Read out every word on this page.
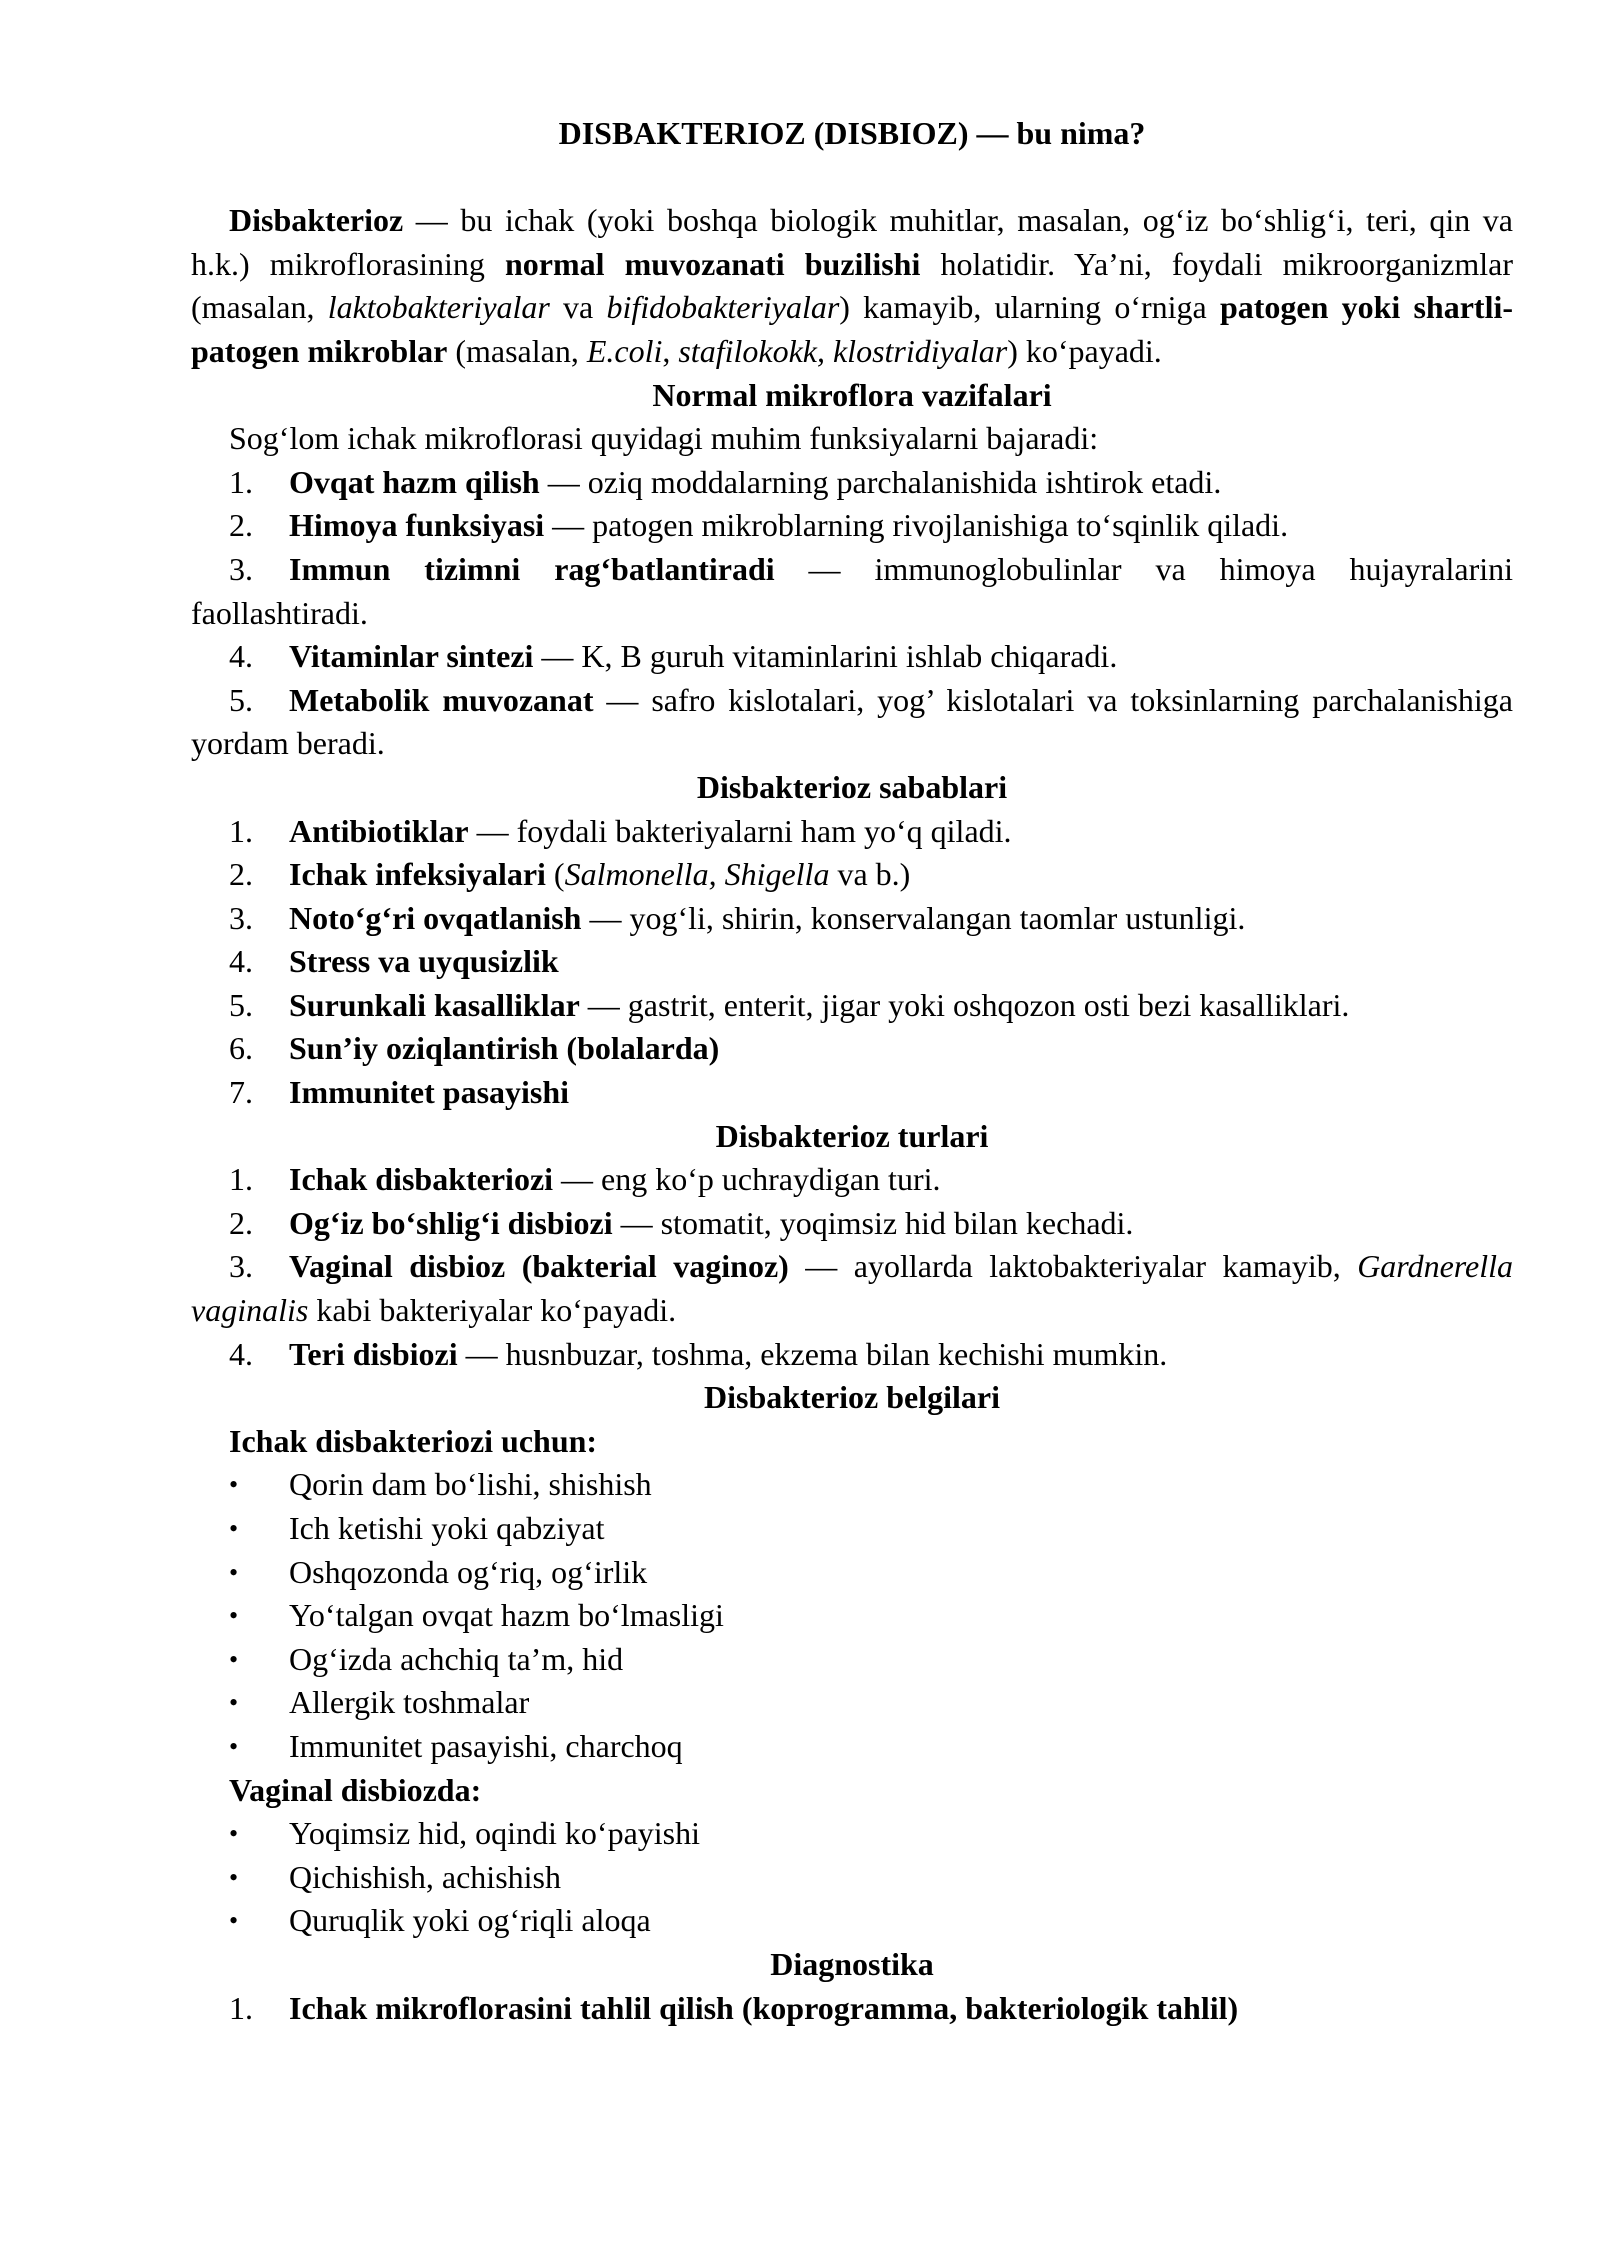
DISBAKTERIOZ (DISBIOZ) — bu nima?

Disbakterioz — bu ichak (yoki boshqa biologik muhitlar, masalan, og‘iz bo‘shlig‘i, teri, qin va h.k.) mikroflorasining normal muvozanati buzilishi holatidir. Ya’ni, foydali mikroorganizmlar (masalan, laktobakteriyalar va bifidobakteriyalar) kamayib, ularning o‘rniga patogen yoki shartli-patogen mikroblar (masalan, E.coli, stafilokokk, klostridiyalar) ko‘payadi.

Normal mikroflora vazifalari
Sog‘lom ichak mikroflorasi quyidagi muhim funksiyalarni bajaradi:
1. Ovqat hazm qilish — oziq moddalarning parchalanishida ishtirok etadi.
2. Himoya funksiyasi — patogen mikroblarning rivojlanishiga to‘sqinlik qiladi.
3. Immun tizimni rag‘batlantiradi — immunoglobulinlar va himoya hujayralarini faollashtiradi.
4. Vitaminlar sintezi — K, B guruh vitaminlarini ishlab chiqaradi.
5. Metabolik muvozanat — safro kislotalari, yog’ kislotalari va toksinlarning parchalanishiga yordam beradi.
Disbakterioz sabablari
1. Antibiotiklar — foydali bakteriyalarni ham yo‘q qiladi.
2. Ichak infeksiyalari (Salmonella, Shigella va b.)
3. Noto‘g‘ri ovqatlanish — yog‘li, shirin, konservalangan taomlar ustunligi.
4. Stress va uyqusizlik
5. Surunkali kasalliklar — gastrit, enterit, jigar yoki oshqozon osti bezi kasalliklari.
6. Sun’iy oziqlantirish (bolalarda)
7. Immunitet pasayishi
Disbakterioz turlari
1. Ichak disbakteriozi — eng ko‘p uchraydigan turi.
2. Og‘iz bo‘shlig‘i disbiozi — stomatit, yoqimsiz hid bilan kechadi.
3. Vaginal disbioz (bakterial vaginoz) — ayollarda laktobakteriyalar kamayib, Gardnerella vaginalis kabi bakteriyalar ko‘payadi.
4. Teri disbiozi — husnbuzar, toshma, ekzema bilan kechishi mumkin.
Disbakterioz belgilari
Ichak disbakteriozi uchun:
• Qorin dam bo‘lishi, shishish
• Ich ketishi yoki qabziyat
• Oshqozonda og‘riq, og‘irlik
• Yo‘talgan ovqat hazm bo‘lmasligi
• Og‘izda achchiq ta’m, hid
• Allergik toshmalar
• Immunitet pasayishi, charchoq
Vaginal disbiozda:
• Yoqimsiz hid, oqindi ko‘payishi
• Qichishish, achishish
• Quruqlik yoki og‘riqli aloqa
Diagnostika
1. Ichak mikroflorasini tahlil qilish (koprogramma, bakteriologik tahlil)
